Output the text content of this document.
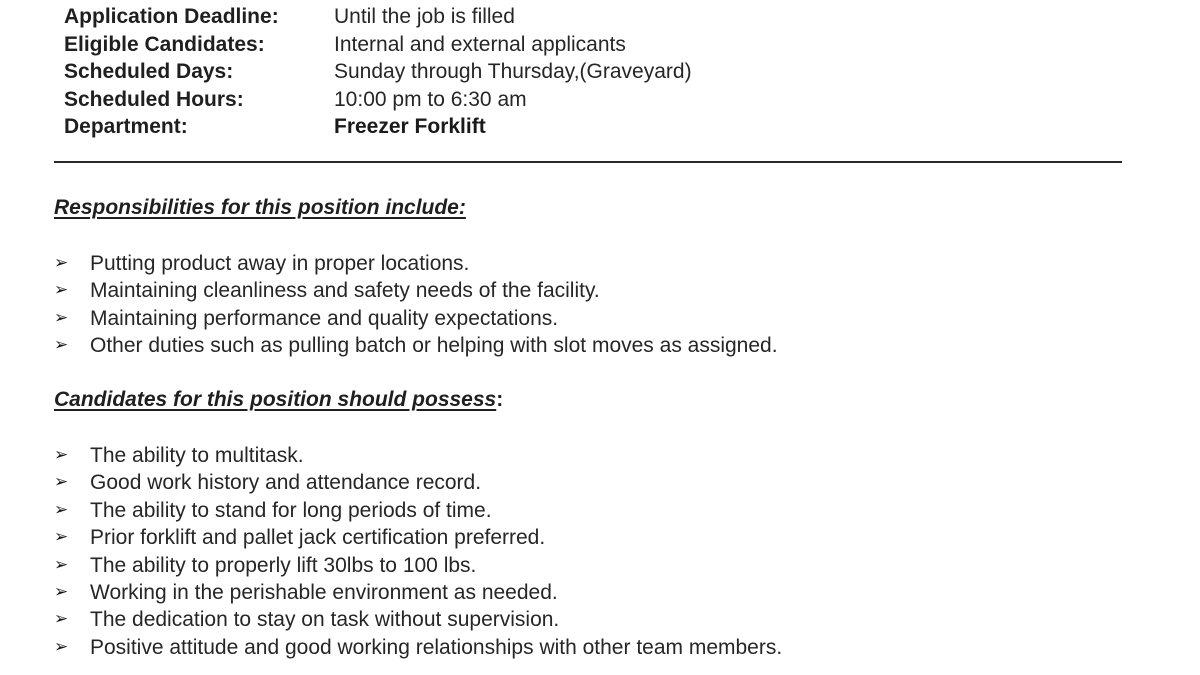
Application Deadline:	Until the job is filled
Eligible Candidates:	Internal and external applicants
Scheduled Days:	Sunday through Thursday,(Graveyard)
Scheduled Hours:	10:00 pm to 6:30 am
Department:	Freezer Forklift
Responsibilities for this position include:
➢	Putting product away in proper locations.
➢	Maintaining cleanliness and safety needs of the facility.
➢	Maintaining performance and quality expectations.
➢	Other duties such as pulling batch or helping with slot moves as assigned.
Candidates for this position should possess:
➢	The ability to multitask.
➢	Good work history and attendance record.
➢	The ability to stand for long periods of time.
➢	Prior forklift and pallet jack certification preferred.
➢	The ability to properly lift 30lbs to 100 lbs.
➢	Working in the perishable environment as needed.
➢	The dedication to stay on task without supervision.
➢	Positive attitude and good working relationships with other team members.
